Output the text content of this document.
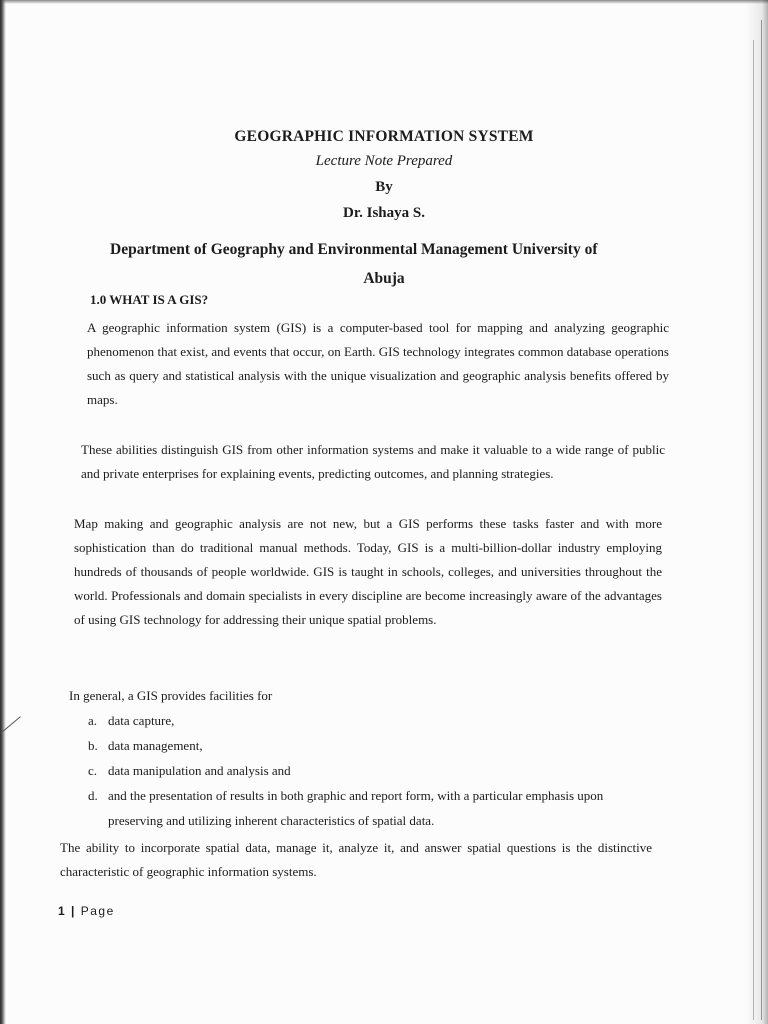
GEOGRAPHIC INFORMATION SYSTEM
Lecture Note Prepared
By
Dr. Ishaya S.
Department of Geography and Environmental Management University of
Abuja
1.0 WHAT IS A GIS?
A geographic information system (GIS) is a computer-based tool for mapping and analyzing geographic phenomenon that exist, and events that occur, on Earth. GIS technology integrates common database operations such as query and statistical analysis with the unique visualization and geographic analysis benefits offered by maps.
These abilities distinguish GIS from other information systems and make it valuable to a wide range of public and private enterprises for explaining events, predicting outcomes, and planning strategies.
Map making and geographic analysis are not new, but a GIS performs these tasks faster and with more sophistication than do traditional manual methods. Today, GIS is a multi-billion-dollar industry employing hundreds of thousands of people worldwide. GIS is taught in schools, colleges, and universities throughout the world. Professionals and domain specialists in every discipline are become increasingly aware of the advantages of using GIS technology for addressing their unique spatial problems.
In general, a GIS provides facilities for
a. data capture,
b. data management,
c. data manipulation and analysis and
d. and the presentation of results in both graphic and report form, with a particular emphasis upon preserving and utilizing inherent characteristics of spatial data.
The ability to incorporate spatial data, manage it, analyze it, and answer spatial questions is the distinctive characteristic of geographic information systems.
1 | Page
